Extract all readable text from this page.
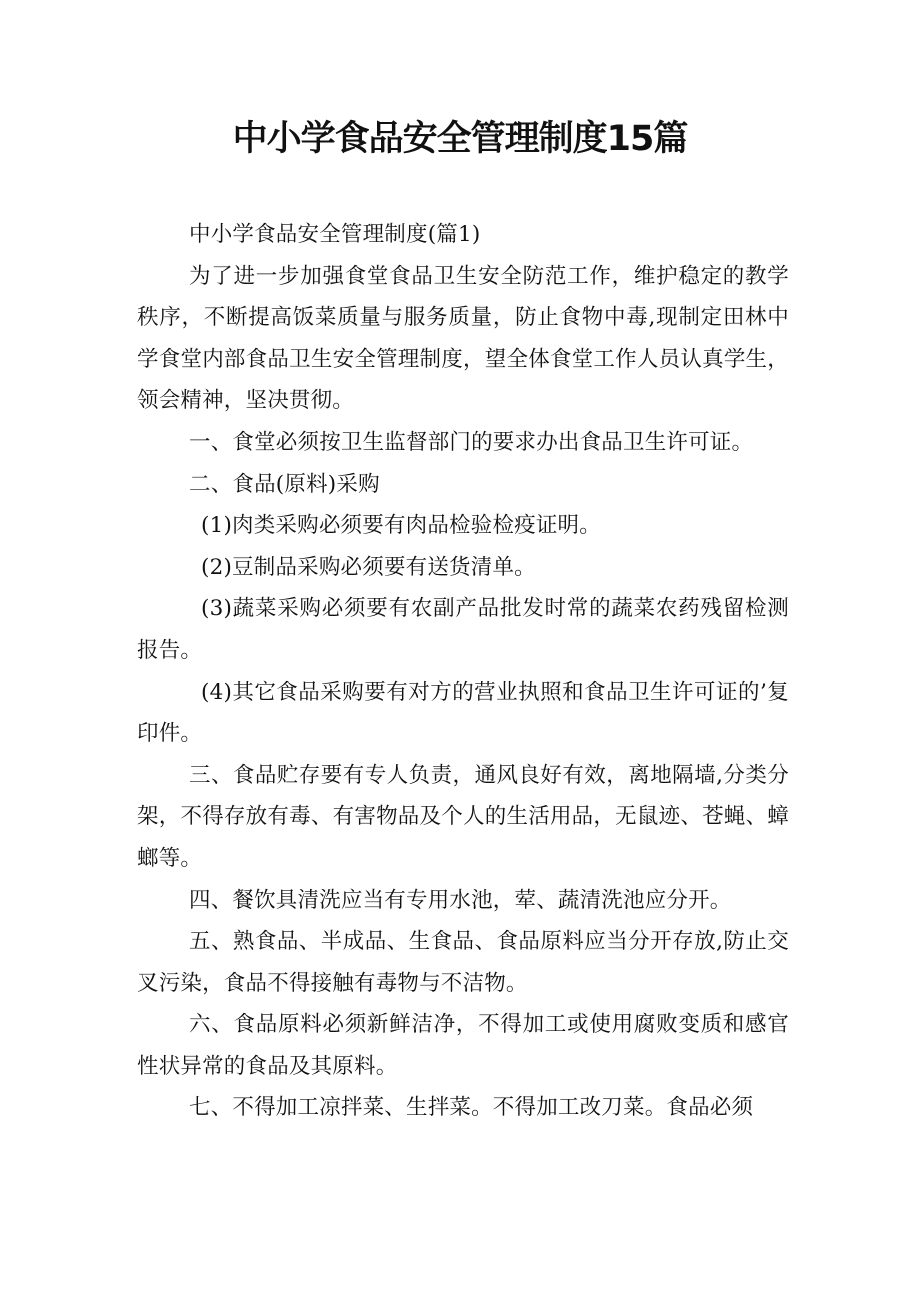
中小学食品安全管理制度15篇

中小学食品安全管理制度(篇1)

为了进一步加强食堂食品卫生安全防范工作，维护稳定的教学秩序，不断提高饭菜质量与服务质量，防止食物中毒,现制定田林中学食堂内部食品卫生安全管理制度，望全体食堂工作人员认真学生，领会精神，坚决贯彻。

一、食堂必须按卫生监督部门的要求办出食品卫生许可证。

二、食品(原料)采购

(1)肉类采购必须要有肉品检验检疫证明。

(2)豆制品采购必须要有送货清单。

(3)蔬菜采购必须要有农副产品批发时常的蔬菜农药残留检测报告。

(4)其它食品采购要有对方的营业执照和食品卫生许可证的’复印件。

三、食品贮存要有专人负责，通风良好有效，离地隔墙,分类分架，不得存放有毒、有害物品及个人的生活用品，无鼠迹、苍蝇、蟑螂等。

四、餐饮具清洗应当有专用水池，荤、蔬清洗池应分开。

五、熟食品、半成品、生食品、食品原料应当分开存放,防止交叉污染，食品不得接触有毒物与不洁物。

六、食品原料必须新鲜洁净，不得加工或使用腐败变质和感官性状异常的食品及其原料。

七、不得加工凉拌菜、生拌菜。不得加工改刀菜。食品必须
